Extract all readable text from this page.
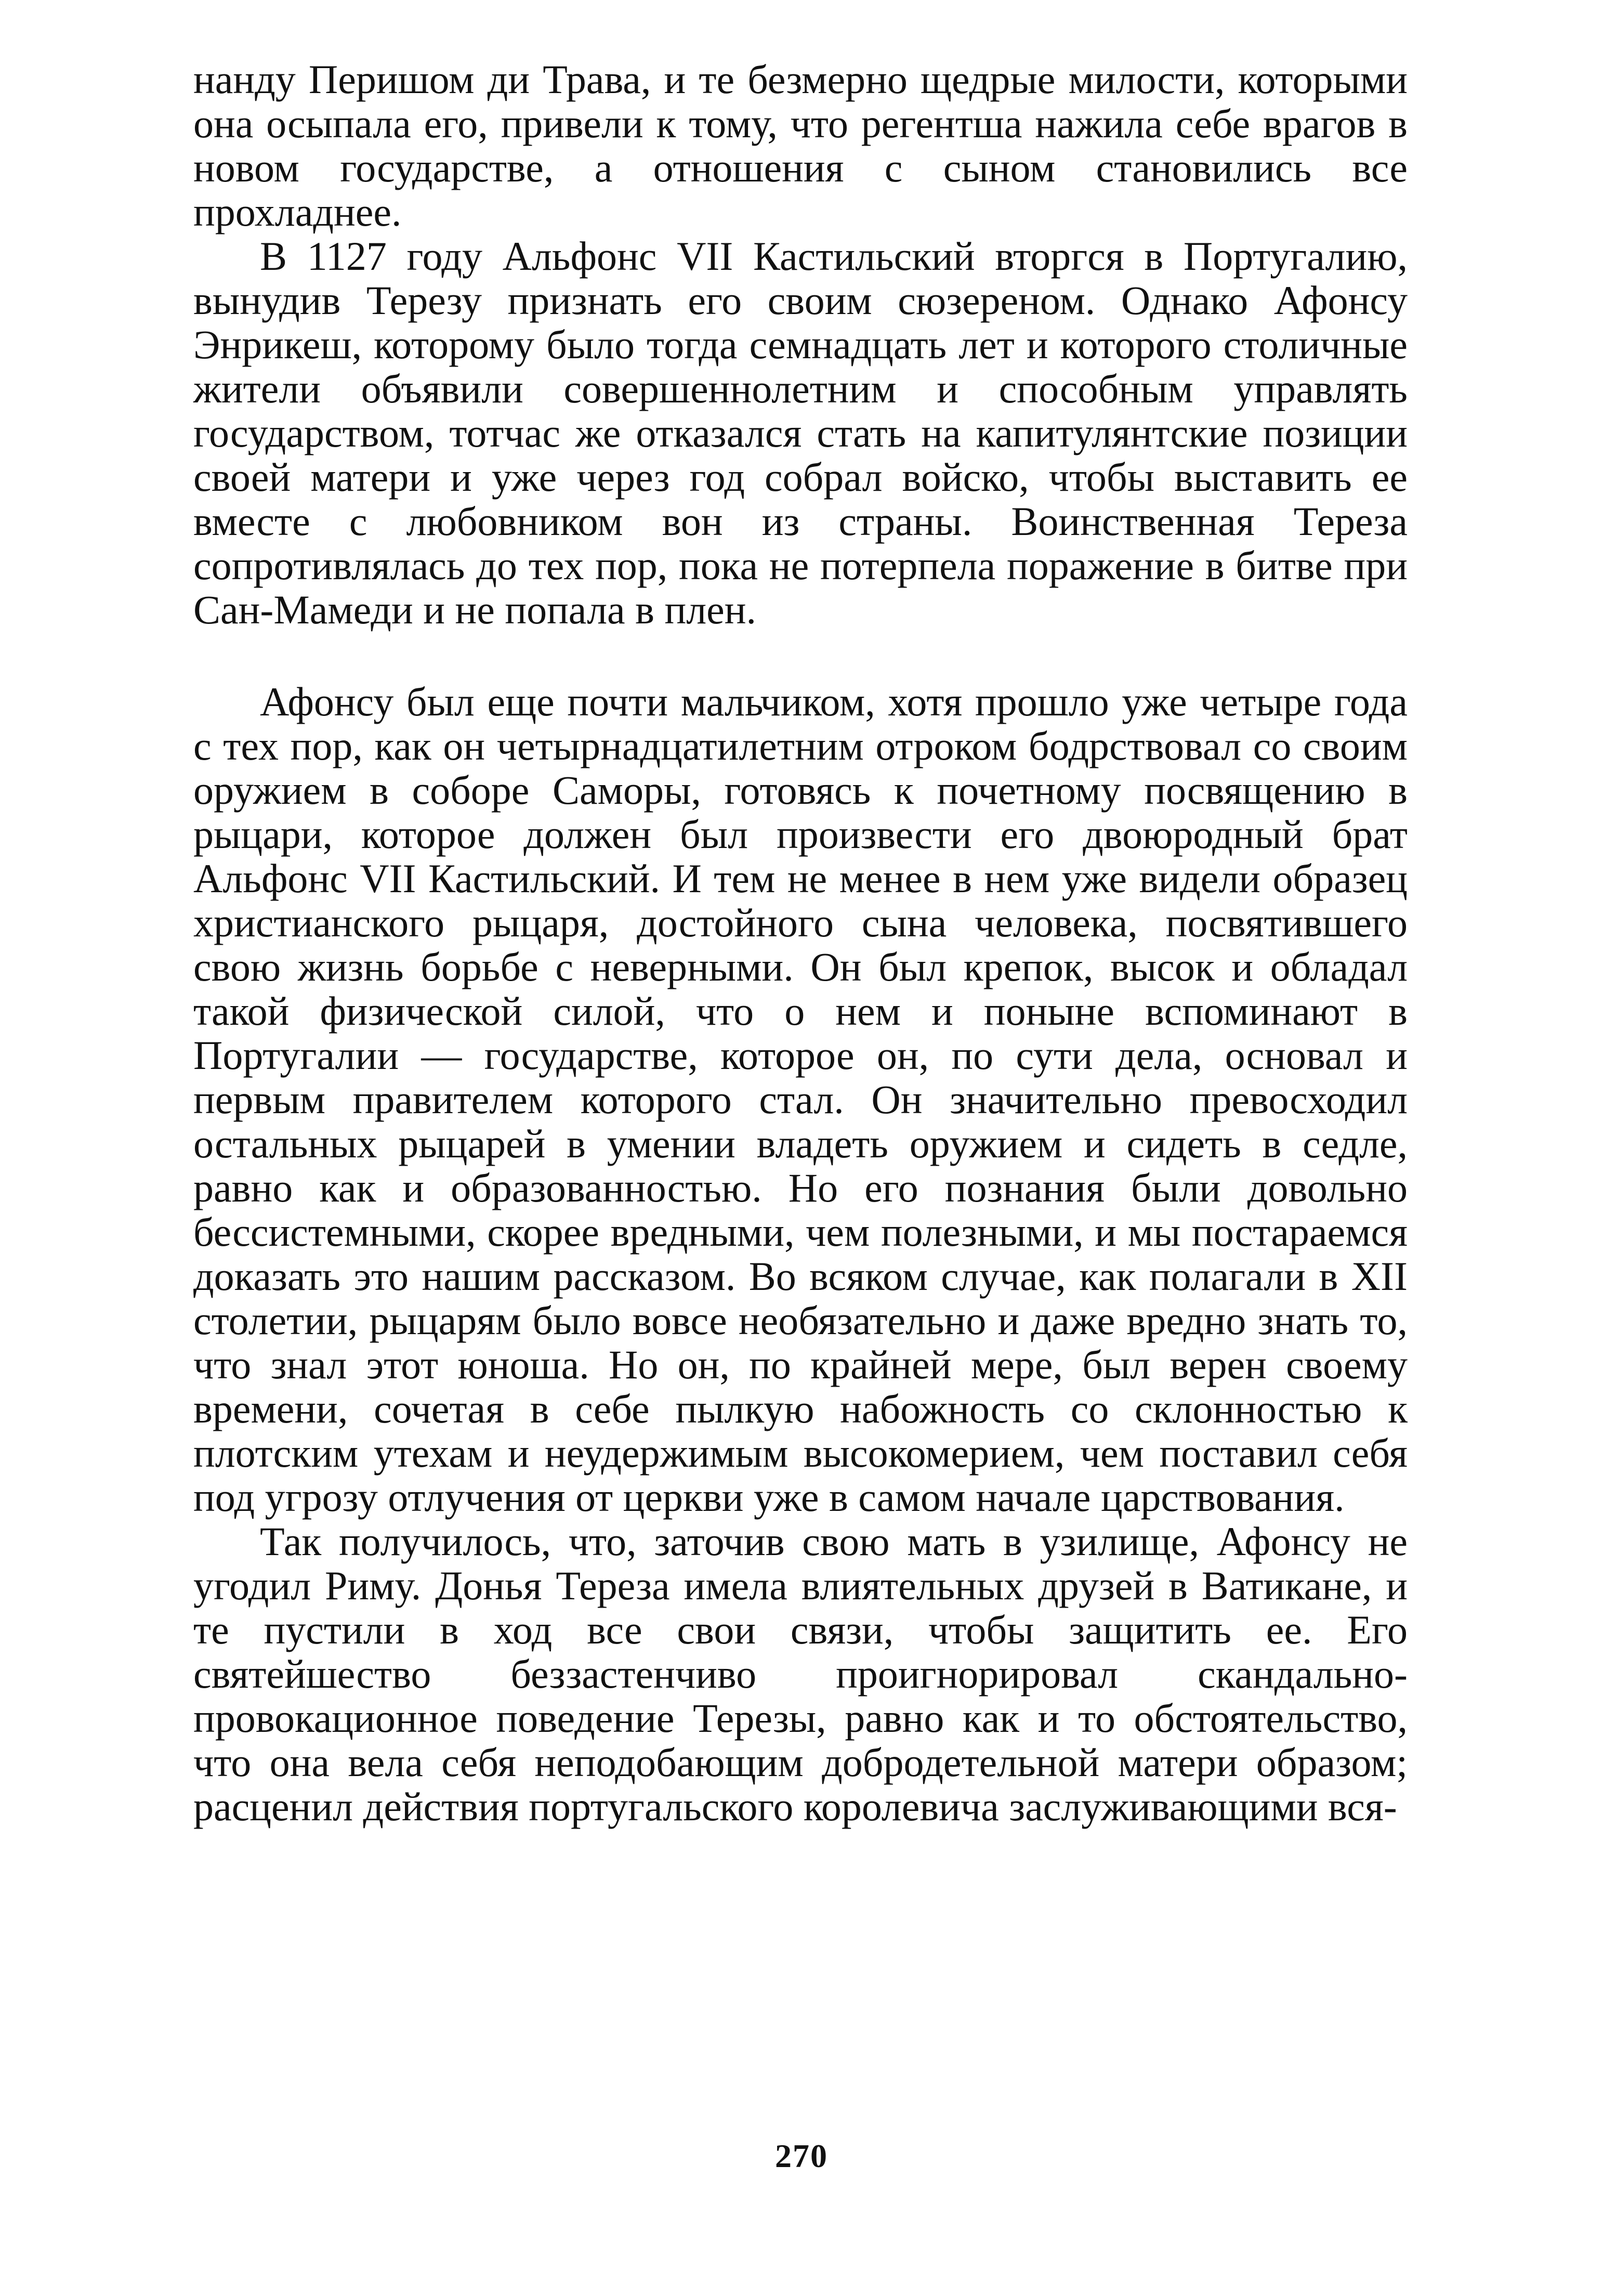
нанду Перишом ди Трава, и те безмерно щедрые милости, которыми она осыпала его, привели к тому, что регентша нажила себе врагов в новом государстве, а отношения с сыном становились все прохладнее.

В 1127 году Альфонс VII Кастильский вторгся в Португалию, вынудив Терезу признать его своим сюзереном. Однако Афонсу Энрикеш, которому было тогда семнадцать лет и которого столичные жители объявили совершеннолетним и способным управлять государством, тотчас же отказался стать на капитулянтские позиции своей матери и уже через год собрал войско, чтобы выставить ее вместе с любовником вон из страны. Воинственная Тереза сопротивлялась до тех пор, пока не потерпела поражение в битве при Сан-Мамеди и не попала в плен.

Афонсу был еще почти мальчиком, хотя прошло уже четыре года с тех пор, как он четырнадцатилетним отроком бодрствовал со своим оружием в соборе Саморы, готовясь к почетному посвящению в рыцари, которое должен был произвести его двоюродный брат Альфонс VII Кастильский. И тем не менее в нем уже видели образец христианского рыцаря, достойного сына человека, посвятившего свою жизнь борьбе с неверными. Он был крепок, высок и обладал такой физической силой, что о нем и поныне вспоминают в Португалии — государстве, которое он, по сути дела, основал и первым правителем которого стал. Он значительно превосходил остальных рыцарей в умении владеть оружием и сидеть в седле, равно как и образованностью. Но его познания были довольно бессистемными, скорее вредными, чем полезными, и мы постараемся доказать это нашим рассказом. Во всяком случае, как полагали в XII столетии, рыцарям было вовсе необязательно и даже вредно знать то, что знал этот юноша. Но он, по крайней мере, был верен своему времени, сочетая в себе пылкую набожность со склонностью к плотским утехам и неудержимым высокомерием, чем поставил себя под угрозу отлучения от церкви уже в самом начале царствования.

Так получилось, что, заточив свою мать в узилище, Афонсу не угодил Риму. Донья Тереза имела влиятельных друзей в Ватикане, и те пустили в ход все свои связи, чтобы защитить ее. Его святейшество беззастенчиво проигнорировал скандально-провокационное поведение Терезы, равно как и то обстоятельство, что она вела себя неподобающим добродетельной матери образом; расценил действия португальского королевича заслуживающими вся-

270
